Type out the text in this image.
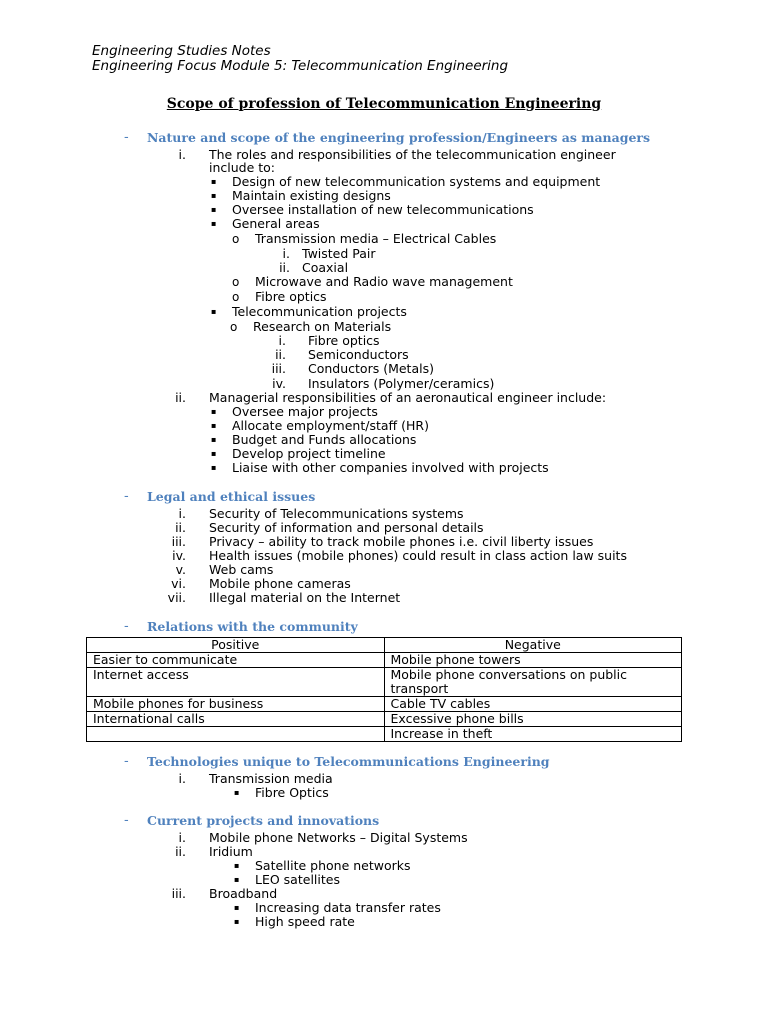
Engineering Studies Notes
Engineering Focus Module 5: Telecommunication Engineering
Scope of profession of Telecommunication Engineering
- Nature and scope of the engineering profession/Engineers as managers
i. The roles and responsibilities of the telecommunication engineer
include to:
▪ Design of new telecommunication systems and equipment
▪ Maintain existing designs
▪ Oversee installation of new telecommunications
▪ General areas
o Transmission media – Electrical Cables
i. Twisted Pair
ii. Coaxial
o Microwave and Radio wave management
o Fibre optics
▪ Telecommunication projects
o Research on Materials
i. Fibre optics
ii. Semiconductors
iii. Conductors (Metals)
iv. Insulators (Polymer/ceramics)
ii. Managerial responsibilities of an aeronautical engineer include:
▪ Oversee major projects
▪ Allocate employment/staff (HR)
▪ Budget and Funds allocations
▪ Develop project timeline
▪ Liaise with other companies involved with projects
- Legal and ethical issues
i. Security of Telecommunications systems
ii. Security of information and personal details
iii. Privacy – ability to track mobile phones i.e. civil liberty issues
iv. Health issues (mobile phones) could result in class action law suits
v. Web cams
vi. Mobile phone cameras
vii. Illegal material on the Internet
- Relations with the community
Positive	Negative
Easier to communicate	Mobile phone towers
Internet access	Mobile phone conversations on public transport
Mobile phones for business	Cable TV cables
International calls	Excessive phone bills
	Increase in theft
- Technologies unique to Telecommunications Engineering
i. Transmission media
▪ Fibre Optics
- Current projects and innovations
i. Mobile phone Networks – Digital Systems
ii. Iridium
▪ Satellite phone networks
▪ LEO satellites
iii. Broadband
▪ Increasing data transfer rates
▪ High speed rate
